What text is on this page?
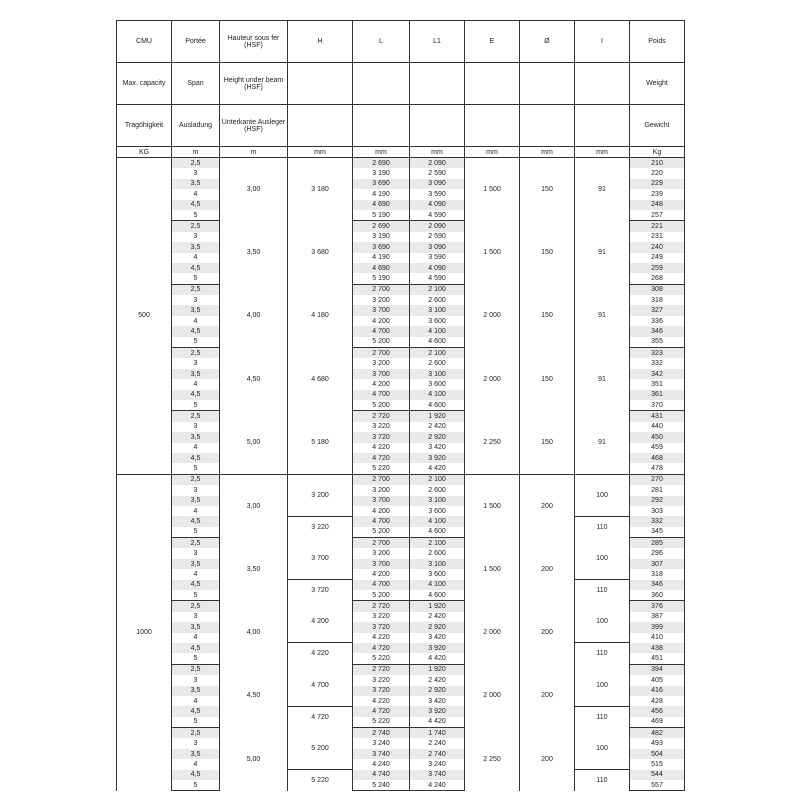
CMU	Portée	Hauteur sous fer (HSF)	H	L	L1	E	Ø	I	Poids
Max. capacity	Span	Height under beam (HSF)							Weight
Tragöhigkeit	Ausladung	Unterkante Ausleger (HSF)							Gewicht
KG	m	m	mm	mm	mm	mm	mm	mm	Kg
500	2,5	3,00	3 180	2 690	2 090	1 500	150	91	210
	3			3 190	2 590				220
	3,5			3 690	3 090				229
	4			4 190	3 590				239
	4,5			4 690	4 090				248
	5			5 190	4 590				257
	2,5	3,50	3 680	2 690	2 090	1 500	150	91	221
	3			3 190	2 590				231
	3,5			3 690	3 090				240
	4			4 190	3 590				249
	4,5			4 690	4 090				259
	5			5 190	4 590				268
	2,5	4,00	4 180	2 700	2 100	2 000	150	91	308
	3			3 200	2 600				318
	3,5			3 700	3 100				327
	4			4 200	3 600				336
	4,5			4 700	4 100				346
	5			5 200	4 600				355
	2,5	4,50	4 680	2 700	2 100	2 000	150	91	323
	3			3 200	2 600				332
	3,5			3 700	3 100				342
	4			4 200	3 600				351
	4,5			4 700	4 100				361
	5			5 200	4 600				370
	2,5	5,00	5 180	2 720	1 920	2 250	150	91	431
	3			3 220	2 420				440
	3,5			3 720	2 920				450
	4			4 220	3 420				459
	4,5			4 720	3 920				468
	5			5 220	4 420				478
1000	2,5	3,00	3 200	2 700	2 100	1 500	200	100	270
	3			3 200	2 600				281
	3,5			3 700	3 100				292
	4			4 200	3 600				303
	4,5		3 220	4 700	4 100			110	332
	5			5 200	4 600				345
	2,5	3,50	3 700	2 700	2 100	1 500	200	100	285
	3			3 200	2 600				296
	3,5			3 700	3 100				307
	4			4 200	3 600				318
	4,5		3 720	4 700	4 100			110	346
	5			5 200	4 600				360
	2,5	4,00	4 200	2 720	1 920	2 000	200	100	376
	3			3 220	2 420				387
	3,5			3 720	2 920				399
	4			4 220	3 420				410
	4,5		4 220	4 720	3 920			110	438
	5			5 220	4 420				451
	2,5	4,50	4 700	2 720	1 920	2 000	200	100	394
	3			3 220	2 420				405
	3,5			3 720	2 920				416
	4			4 220	3 420				428
	4,5		4 720	4 720	3 920			110	456
	5			5 220	4 420				469
	2,5	5,00	5 200	2 740	1 740	2 250	200	100	482
	3			3 240	2 240				493
	3,5			3 740	2 740				504
	4			4 240	3 240				515
	4,5		5 220	4 740	3 740			110	544
	5			5 240	4 240				557
